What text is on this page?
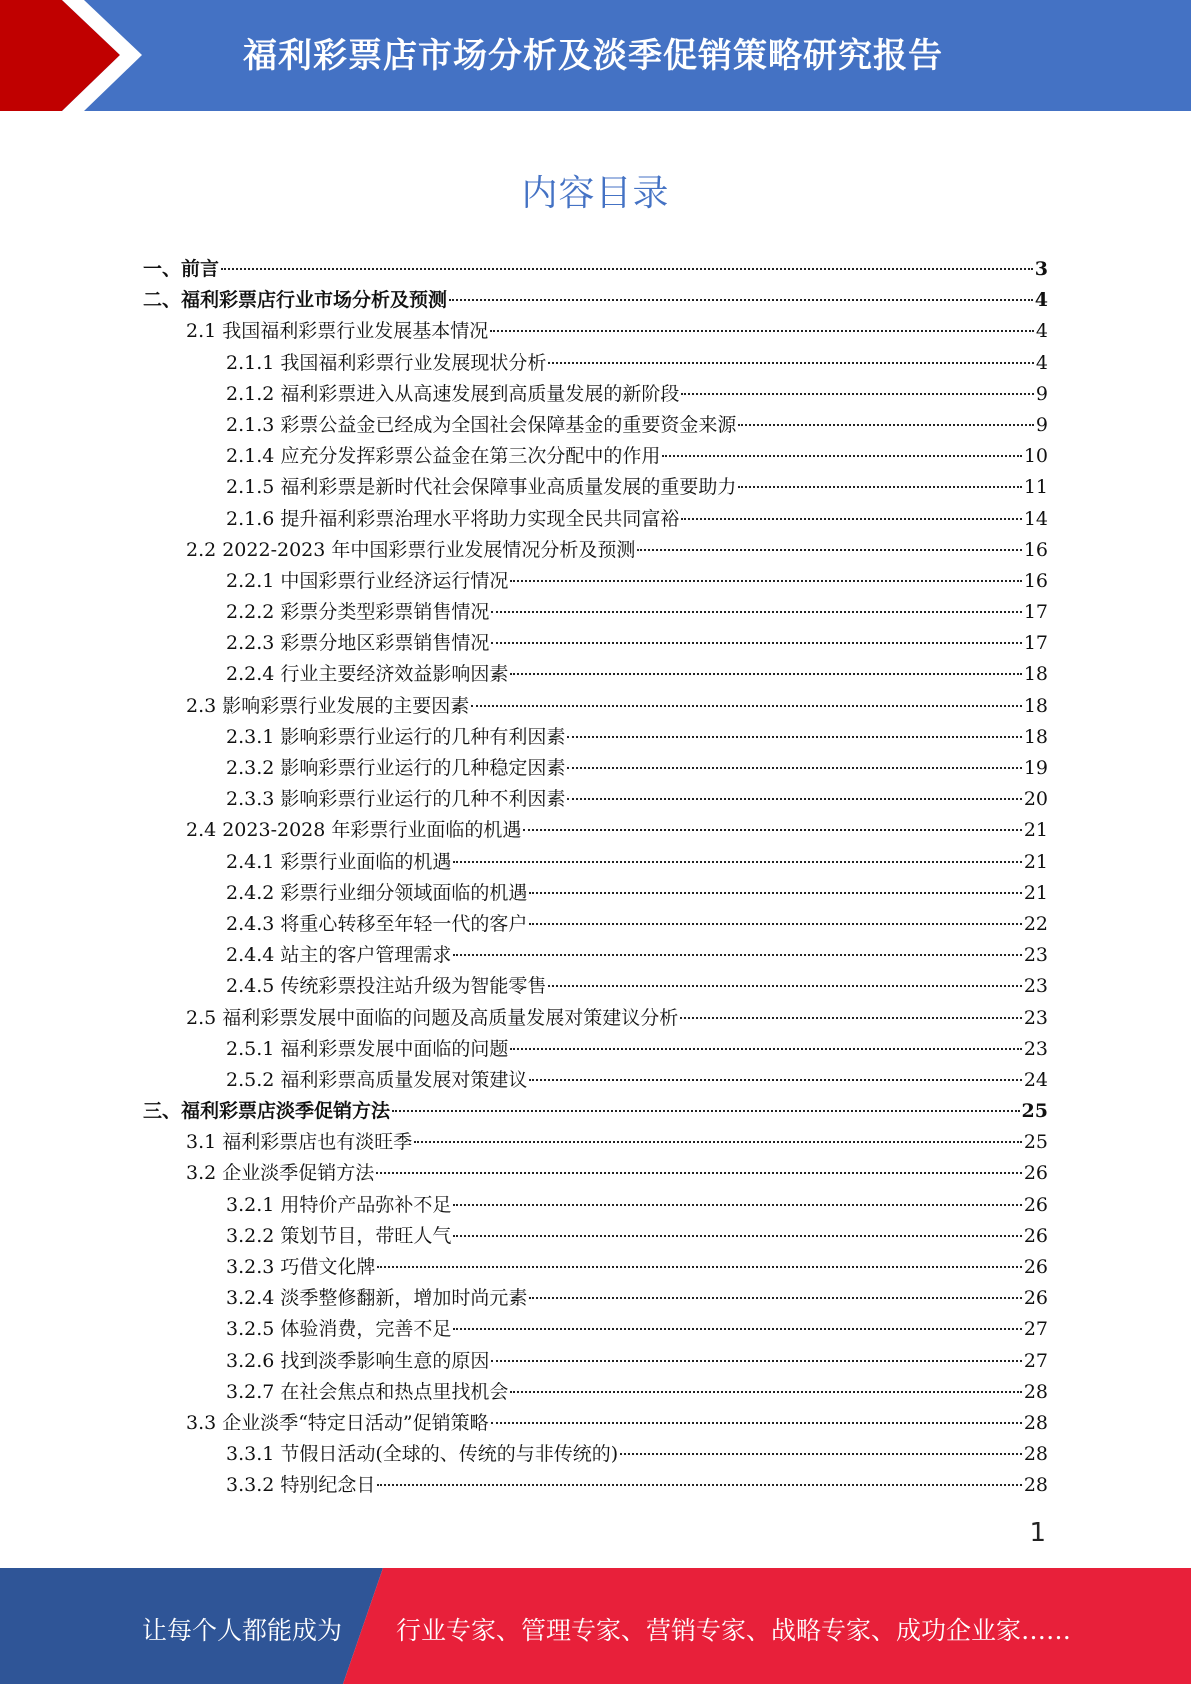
福利彩票店市场分析及淡季促销策略研究报告
内容目录
一、 前言	3
二、 福利彩票店行业市场分析及预测	4
2.1 我国福利彩票行业发展基本情况	4
2.1.1 我国福利彩票行业发展现状分析	4
2.1.2 福利彩票进入从高速发展到高质量发展的新阶段	9
2.1.3 彩票公益金已经成为全国社会保障基金的重要资金来源	9
2.1.4 应充分发挥彩票公益金在第三次分配中的作用	10
2.1.5 福利彩票是新时代社会保障事业高质量发展的重要助力	11
2.1.6 提升福利彩票治理水平将助力实现全民共同富裕	14
2.2 2022-2023 年中国彩票行业发展情况分析及预测	16
2.2.1 中国彩票行业经济运行情况	16
2.2.2 彩票分类型彩票销售情况	17
2.2.3 彩票分地区彩票销售情况	17
2.2.4 行业主要经济效益影响因素	18
2.3 影响彩票行业发展的主要因素	18
2.3.1 影响彩票行业运行的几种有利因素	18
2.3.2 影响彩票行业运行的几种稳定因素	19
2.3.3 影响彩票行业运行的几种不利因素	20
2.4 2023-2028 年彩票行业面临的机遇	21
2.4.1 彩票行业面临的机遇	21
2.4.2 彩票行业细分领域面临的机遇	21
2.4.3 将重心转移至年轻一代的客户	22
2.4.4 站主的客户管理需求	23
2.4.5 传统彩票投注站升级为智能零售	23
2.5 福利彩票发展中面临的问题及高质量发展对策建议分析	23
2.5.1 福利彩票发展中面临的问题	23
2.5.2 福利彩票高质量发展对策建议	24
三、 福利彩票店淡季促销方法	25
3.1 福利彩票店也有淡旺季	25
3.2 企业淡季促销方法	26
3.2.1 用特价产品弥补不足	26
3.2.2 策划节目，带旺人气	26
3.2.3 巧借文化牌	26
3.2.4 淡季整修翻新，增加时尚元素	26
3.2.5 体验消费，完善不足	27
3.2.6 找到淡季影响生意的原因	27
3.2.7 在社会焦点和热点里找机会	28
3.3 企业淡季“特定日活动”促销策略	28
3.3.1 节假日活动(全球的、传统的与非传统的)	28
3.3.2 特别纪念日	28
1
让每个人都能成为 行业专家、管理专家、营销专家、战略专家、成功企业家……
